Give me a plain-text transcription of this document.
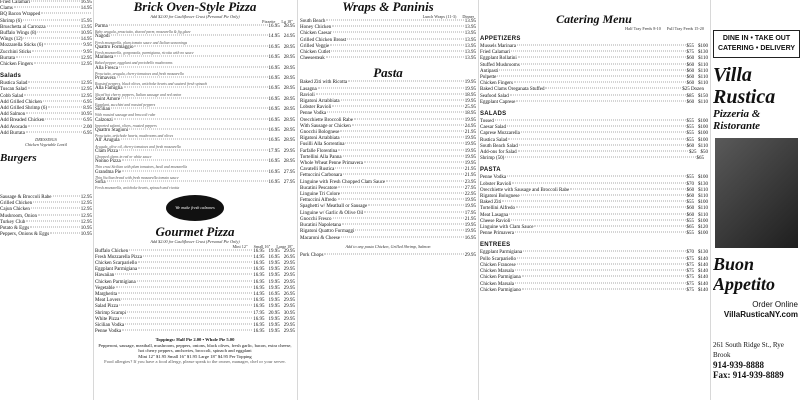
Fried Calamari	16.95
Clams	14.95
BQ Bacon Wrapped
Shrimp (6)	15.95
Bruschetta al Carrozza	13.95
Buffalo Wings (8)	10.95
Wings (12)	14.95
Mozzarella Sticks (6)	9.95
Zucchini Sticks	9.95
Burrata	12.95
Chicken Fingers	12.95
Salads
Rustica Salad	12.95
Tuscan Salad	12.95
Cobb Salad	12.95
Add Grilled Chicken	6.95
Add Grilled Shrimp (6)	8.95
Add Salmon	10.95
Add Breaded Chicken	6.95
Add Avocado	2.00
Add Burrata	6.95
DRESSINGS
Chicken Vegetable Lentil
Burgers
Sausage & Broccoli Rabe	12.95
Grilled Chicken	12.95
Cajun Chicken	12.95
Mushroom, Onion	12.95
Turkey Club	12.95
Potato & Eggs	10.95
Peppers, Onions & Eggs	10.95
Brick Oven-Style Pizza
Add $2.00 for Cauliflower Crust (Personal Pie Only)
Pizzette Lg 18"
Parma	16.95 28.95
Baby arugula, prosciutto, shaved parm, mozzarella & fig glaze
Nagodi	14.95 24.95
Fresh mozzarella, plum tomato sauce and Italian seasonings
Quattro Formaggio	16.95 28.95
Fresh mozzarella, gorgonzola, parmigiana, ricotta with no sauce
Marinera	16.95 28.95
Baked pepper, eggplant and portobello mushrooms
Alla Fresca	16.95 28.95
Prosciutto, arugula, cherry tomatoes and fresh mozzarella
Primavera	16.95 28.95
Roasted peppers, black olives, artichoke hearts and sauteed fresh spinach
Alla Famiglia	16.95 28.95
Sliced hot cherry peppers, Italian sausage and red onion
Saint Amore	16.95 28.95
Eggplant, zucchini and roasted peppers
Sicilian	16.95 28.95
With roasted sausage and broccoli rabe
Calzonzi	16.95 28.95
Imported salami, olives, roasted peppers
Quattro Stagioni	16.95 28.95
Prosciutto, artichoke hearts, mushrooms and olives
All' Arugula	16.95 28.95
Arugula, olive oil, cherry tomatoes and fresh mozzarella
Clam Pizza	17.95 29.95
Chopped clams in red or white sauce
Nonno Pizza	16.95 28.95
Thin crust Sicilian with plum tomatoes, basil and mozzarella
Grandma Pie	16.95 27.95
Thin Sicilian bread with fresh mozzarella tomato sauce
Sofia	16.95 27.95
Fresh mozzarella, artichoke hearts, spinach and ricotta
We make fresh calzones
Gourmet Pizza
Add $2.00 for Cauliflower Crust (Personal Pie Only)
Mini 12" Small 16" Large 18"
Buffalo Chicken	16.95 19.95 29.95
Fresh Mozzarella Pizza	14.95 16.95 26.95
Chicken Scarpariello	16.95 19.95 29.95
Eggplant Parmigiana	16.95 19.95 29.95
Hawaiian	16.95 19.95 29.95
Chicken Parmigiana	16.95 19.95 29.95
Vegetable	16.95 19.95 29.95
Margherita	14.95 16.95 26.95
Meat Lovers	16.95 19.95 29.95
Salad Pizza	16.95 19.95 29.95
Shrimp Scampi	17.95 20.95 30.95
White Pizza	16.95 19.95 29.95
Sicilian Vodka	16.95 19.95 29.95
Penne Vodka	16.95 19.95 29.95
Toppings: Half Pie 2.00 • Whole Pie 5.00
Pepperoni, sausage, meatball, mushroom, peppers, onions, black olives, fresh garlic, bacon, extra cheese, hot cherry peppers, anchovies, broccoli, spinach and eggplant
Mini 12" $1.95 Small 16" $1.95 Large 18" $4.95 Per Topping
Food allergies? If you have a food allergy, please speak to the owner, manager, chef or your server.
Wraps & Paninis
Lunch Wraps (11-3) Dinner
South Beach	13.95
Honey Chicken	13.95
Chicken Caesar	13.95
Grilled Chicken Breast	13.95
Grilled Veggie	13.95
Chicken Cutlet	13.95
Cheesesteak	13.95
Pasta
Baked Ziti with Ricotta	19.95
Lasagna	19.95
Ravioli	18.95
Rigatoni Arrabbiata	19.95
Lobster Ravioli	25.95
Penne Vodka	18.95
Orecchiette Broccoli Rabe	19.95
With Sausage or Chicken	24.95
Gnocchi Bolognese	21.95
Rigatoni Arrabbiata	19.95
Fusilli Alla Sorrentina	19.95
Farfalle Florentina	19.95
Tortellini Alla Panna	19.95
Whole Wheat Penne Primavera	19.95
Cavatelli Rustica	21.95
Fettuccini Carbonara	21.95
Linguine with Fresh Chopped Clam Sauce	23.95
Bucatini Pescatore	27.95
Linguine Tri Colore	22.95
Fettuccini Alfredo	19.95
Spaghetti w/ Meatball or Sausage	19.95
Linguine w/ Garlic & Olive Oil	17.95
Gnocchi Fresco	21.95
Bucatini Napoletana	19.95
Rigatoni Quattro Formaggi	19.95
Macaroni & Cheese	16.95
Add to any pasta Chicken, Grilled Shrimp, Salmon
Pork Chops	29.95
Catering Menu
Half Tray Feeds 8-10 Full Tray Feeds 15-20
APPETIZERS
Mussels Marinara	$55 $100
Fried Calamari	$75 $130
Eggplant Rollatini	$60 $110
Stuffed Mushrooms	$60 $110
Antipasti	$60 $110
Polpette	$60 $110
Chicken Fingers	$60 $110
Baked Clams Oreganata Stuffed	$25 Dozen
Seafood Salad	$85 $150
Eggplant Caprese	$60 $110
SALADS
Tossed	$55 $100
Caesar Salad	$55 $100
Caprese Mozzarella	$55 $100
Rustica Salad	$55 $100
South Beach Salad	$60 $110
Add-ons for Salad	$25 $50
Shrimp (50)	$65
PASTA
Penne Vodka	$55 $100
Lobster Ravioli	$70 $130
Orecchiette with Sausage and Broccoli Rabe	$60 $110
Rigatoni Bolognese	$60 $110
Baked Ziti	$55 $100
Tortellini Alfredo	$60 $110
Meat Lasagna	$60 $110
Cheese Ravioli	$55 $100
Linguine with Clam Sauce	$65 $120
Penne Primavera	$55 $100
ENTREES
Eggplant Parmigiana	$70 $130
Pollo Scarpariello	$75 $140
Chicken Francese	$75 $140
Chicken Marsala	$75 $140
Chicken Parmigiana	$75 $140
Chicken Marsala	$75 $140
Chicken Parmigiano	$75 $140
DINE IN • TAKE OUT
CATERING • DELIVERY
Villa Rustica
Pizzeria & Ristorante
Buon Appetito
Order Online
VillaRusticaNY.com
261 South Ridge St., Rye Brook
914-939-8888
Fax: 914-939-8889
